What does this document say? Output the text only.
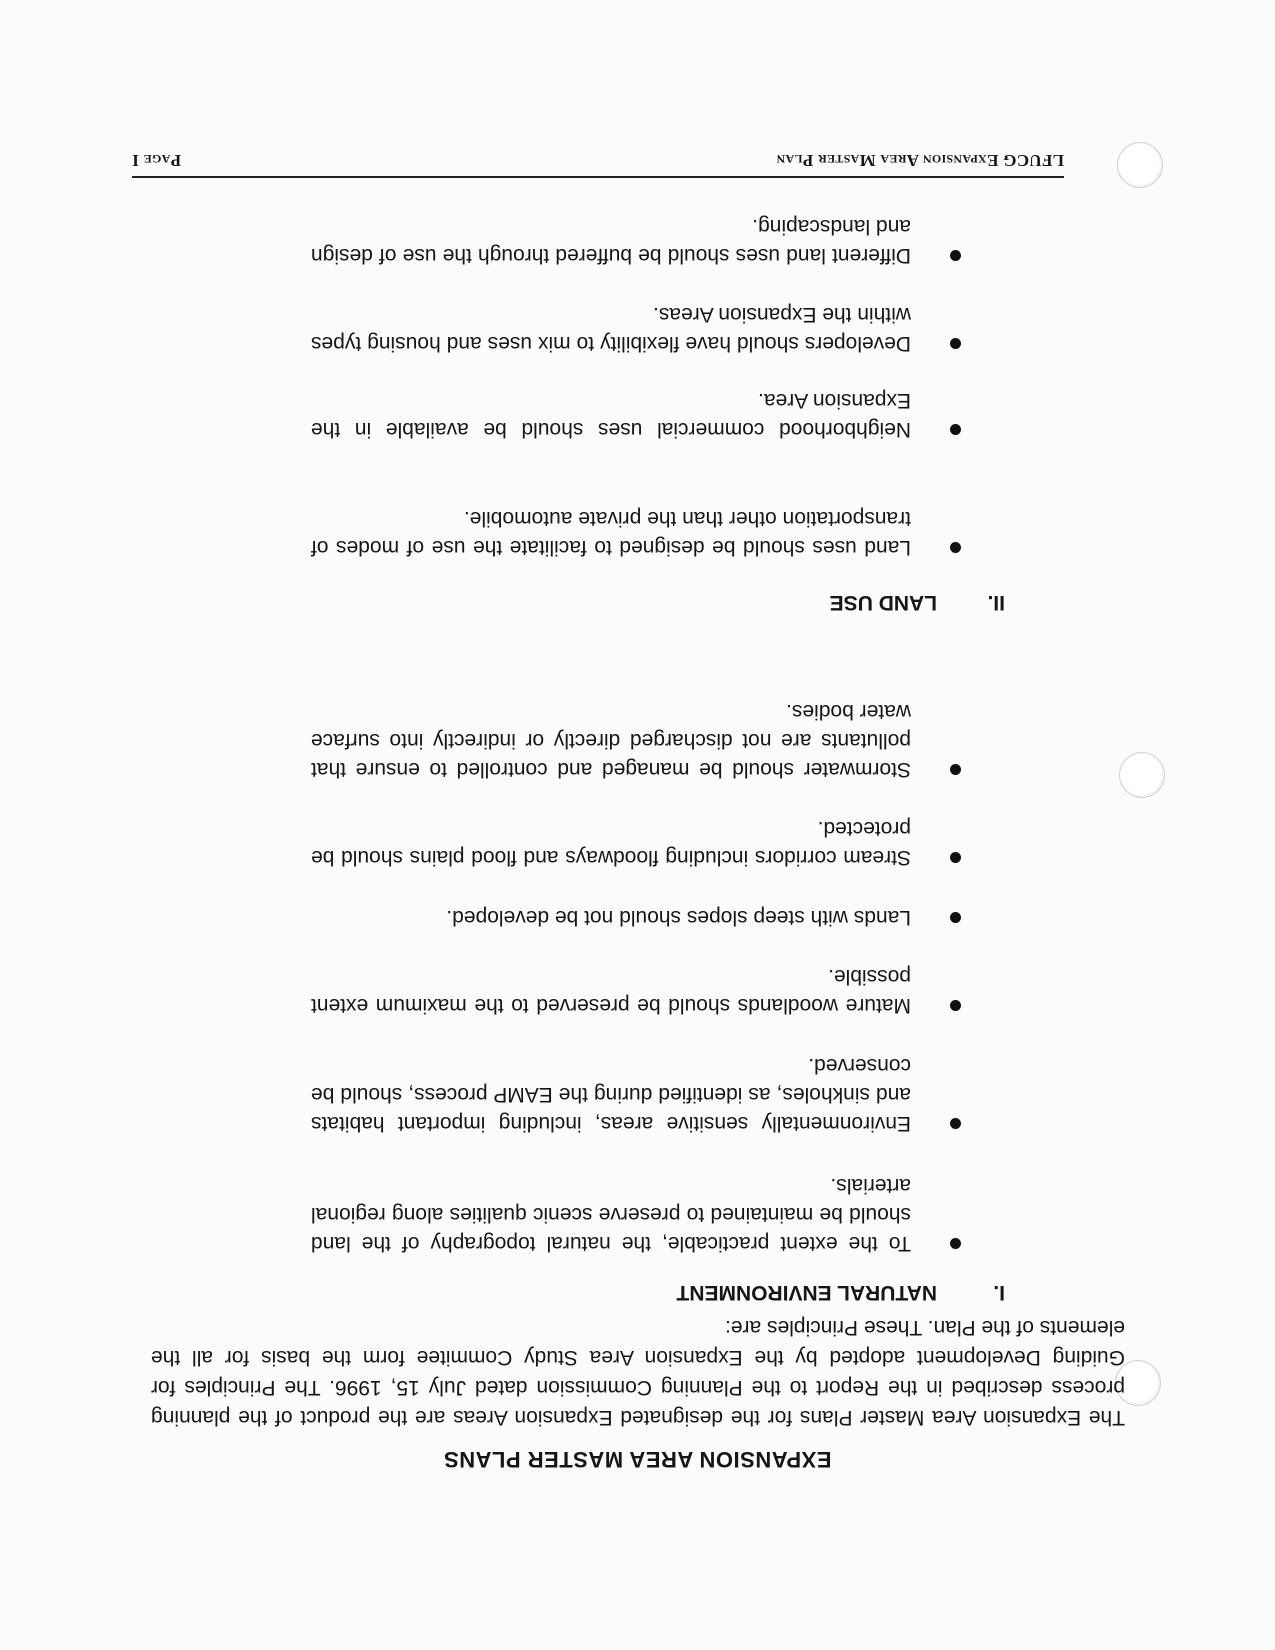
LFUCG Expansion Area Master Plan
Page I
EXPANSION AREA MASTER PLANS

The Expansion Area Master Plans for the designated Expansion Areas are the product of the planning process described in the Report to the Planning Commission dated July 15, 1996. The Principles for Guiding Development adopted by the Expansion Area Study Commitee form the basis for all the elements of the Plan. These Principles are:

I.NATURAL ENVIRONMENT

To the extent practicable, the natural topography of the land should be maintained to preserve scenic qualities along regional arterials.

Environmentally sensitive areas, including important habitats and sinkholes, as identified during the EAMP process, should be conserved.

Mature woodlands should be preserved to the maximum extent possible.

Lands with steep slopes should not be developed.

Stream corridors including floodways and flood plains should be protected.

Stormwater should be managed and controlled to ensure that pollutants are not discharged directly or indirectly into surface water bodies.

II.LAND USE

Land uses should be designed to facilitate the use of modes of transportation other than the private automobile.

Neighborhood commercial uses should be available in the Expansion Area.

Developers should have flexibility to mix uses and housing types within the Expansion Areas.

Different land uses should be buffered through the use of design and landscaping.
